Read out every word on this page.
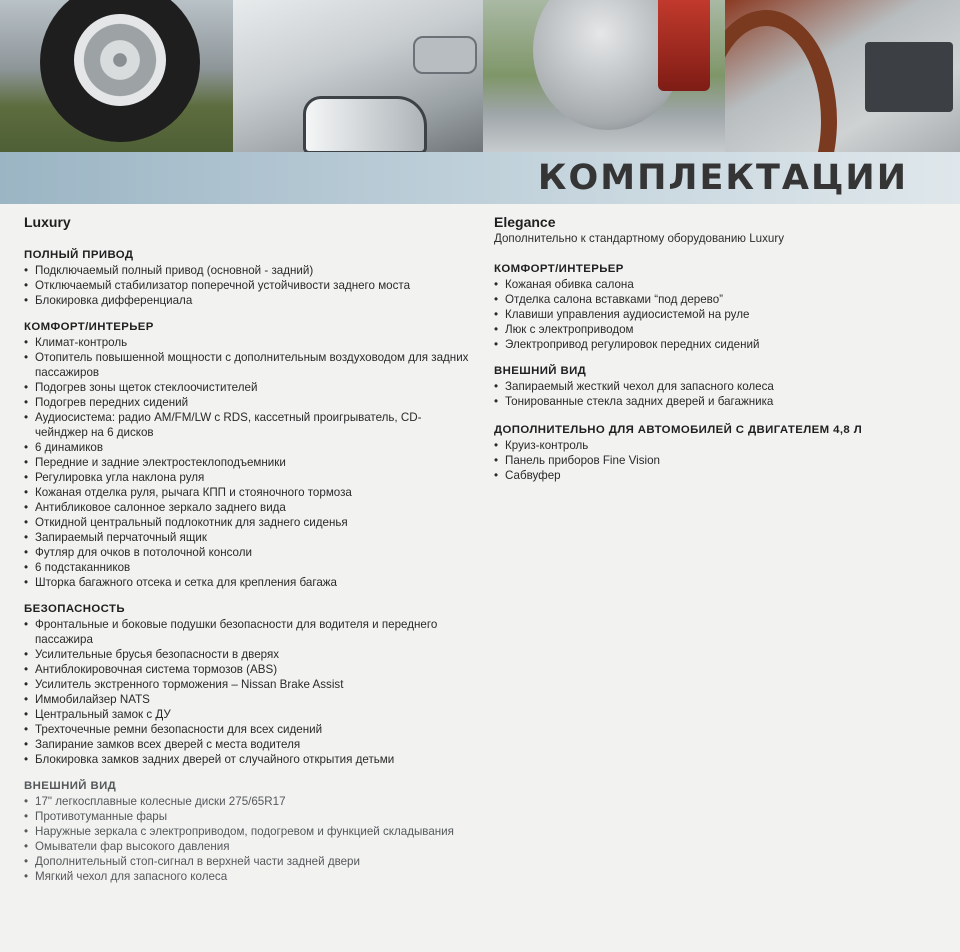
КОМПЛЕКТАЦИИ
Luxury
ПОЛНЫЙ ПРИВОД
• Подключаемый полный привод (основной - задний)
• Отключаемый стабилизатор поперечной устойчивости заднего моста
• Блокировка дифференциала
КОМФОРТ/ИНТЕРЬЕР
• Климат-контроль
• Отопитель повышенной мощности с дополнительным воздуховодом для задних пассажиров
• Подогрев зоны щеток стеклоочистителей
• Подогрев передних сидений
• Аудиосистема: радио AM/FM/LW с RDS, кассетный проигрыватель, CD-чейнджер на 6 дисков
• 6 динамиков
• Передние и задние электростеклоподъемники
• Регулировка угла наклона руля
• Кожаная отделка руля, рычага КПП и стояночного тормоза
• Антибликовое салонное зеркало заднего вида
• Откидной центральный подлокотник для заднего сиденья
• Запираемый перчаточный ящик
• Футляр для очков в потолочной консоли
• 6 подстаканников
• Шторка багажного отсека и сетка для крепления багажа
БЕЗОПАСНОСТЬ
• Фронтальные и боковые подушки безопасности для водителя и переднего пассажира
• Усилительные брусья безопасности в дверях
• Антиблокировочная система тормозов (ABS)
• Усилитель экстренного торможения – Nissan Brake Assist
• Иммобилайзер NATS
• Центральный замок с ДУ
• Трехточечные ремни безопасности для всех сидений
• Запирание замков всех дверей с места водителя
• Блокировка замков задних дверей от случайного открытия детьми
ВНЕШНИЙ ВИД
• 17" легкосплавные колесные диски 275/65R17
• Противотуманные фары
• Наружные зеркала с электроприводом, подогревом и функцией складывания
• Омыватели фар высокого давления
• Дополнительный стоп-сигнал в верхней части задней двери
• Мягкий чехол для запасного колеса
Elegance

Дополнительно к стандартному оборудованию Luxury

КОМФОРТ/ИНТЕРЬЕР
• Кожаная обивка салона
• Отделка салона вставками “под дерево”
• Клавиши управления аудиосистемой на руле
• Люк с электроприводом
• Электропривод регулировок передних сидений
ВНЕШНИЙ ВИД
• Запираемый жесткий чехол для запасного колеса
• Тонированные стекла задних дверей и багажника
ДОПОЛНИТЕЛЬНО ДЛЯ АВТОМОБИЛЕЙ С ДВИГАТЕЛЕМ 4,8 Л
• Круиз-контроль
• Панель приборов Fine Vision
• Сабвуфер
